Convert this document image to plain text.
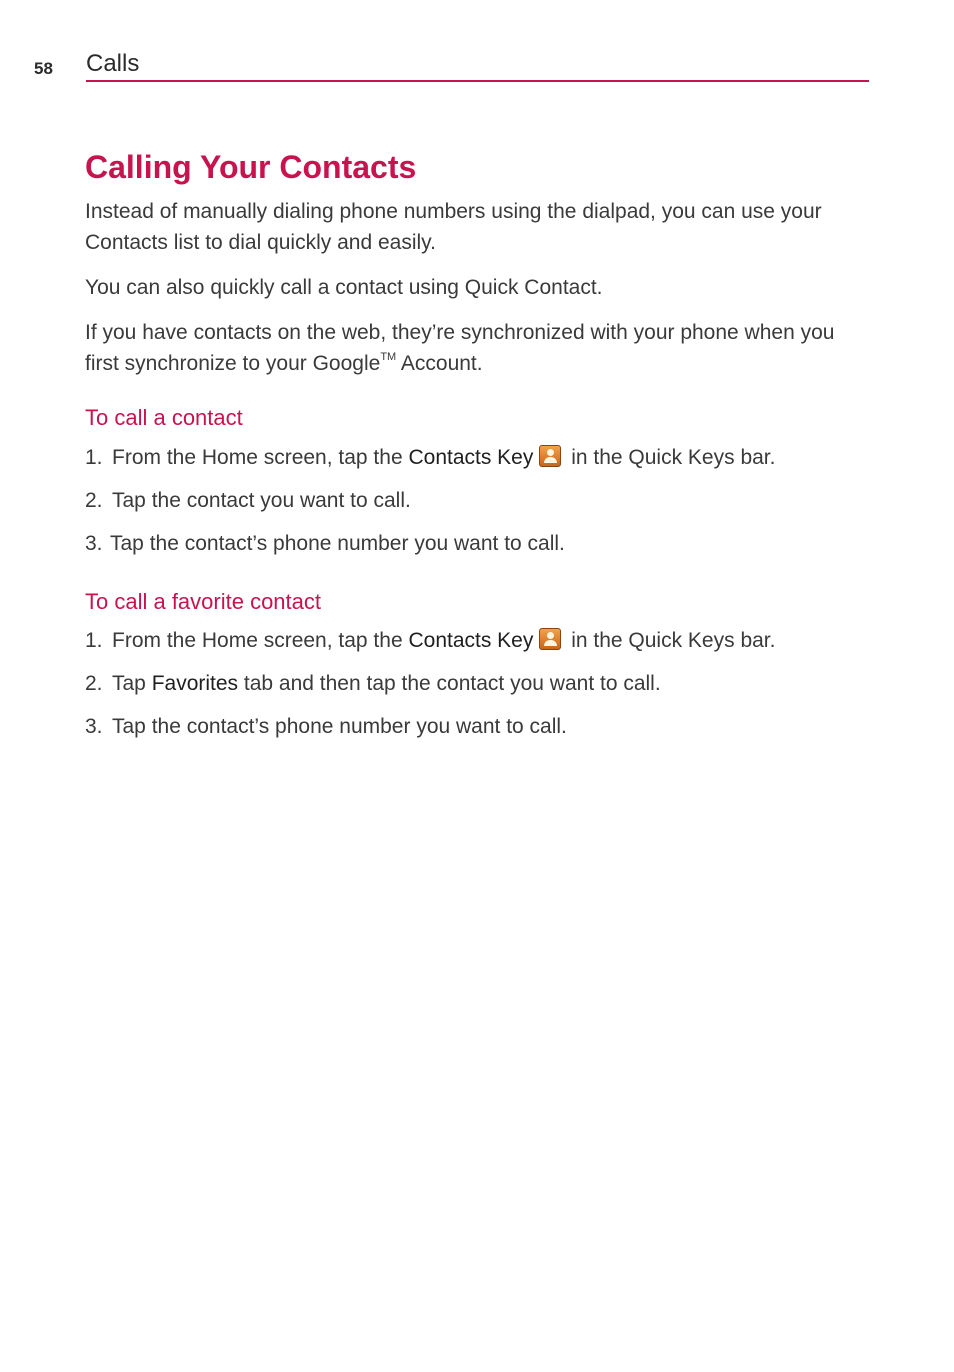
58 Calls
Calling Your Contacts

Instead of manually dialing phone numbers using the dialpad, you can use your Contacts list to dial quickly and easily.

You can also quickly call a contact using Quick Contact.

If you have contacts on the web, they’re synchronized with your phone when you first synchronize to your Google™ Account.

To call a contact
1. From the Home screen, tap the Contacts Key in the Quick Keys bar.
2. Tap the contact you want to call.
3. Tap the contact’s phone number you want to call.
To call a favorite contact
1. From the Home screen, tap the Contacts Key in the Quick Keys bar.
2. Tap Favorites tab and then tap the contact you want to call.
3. Tap the contact’s phone number you want to call.
